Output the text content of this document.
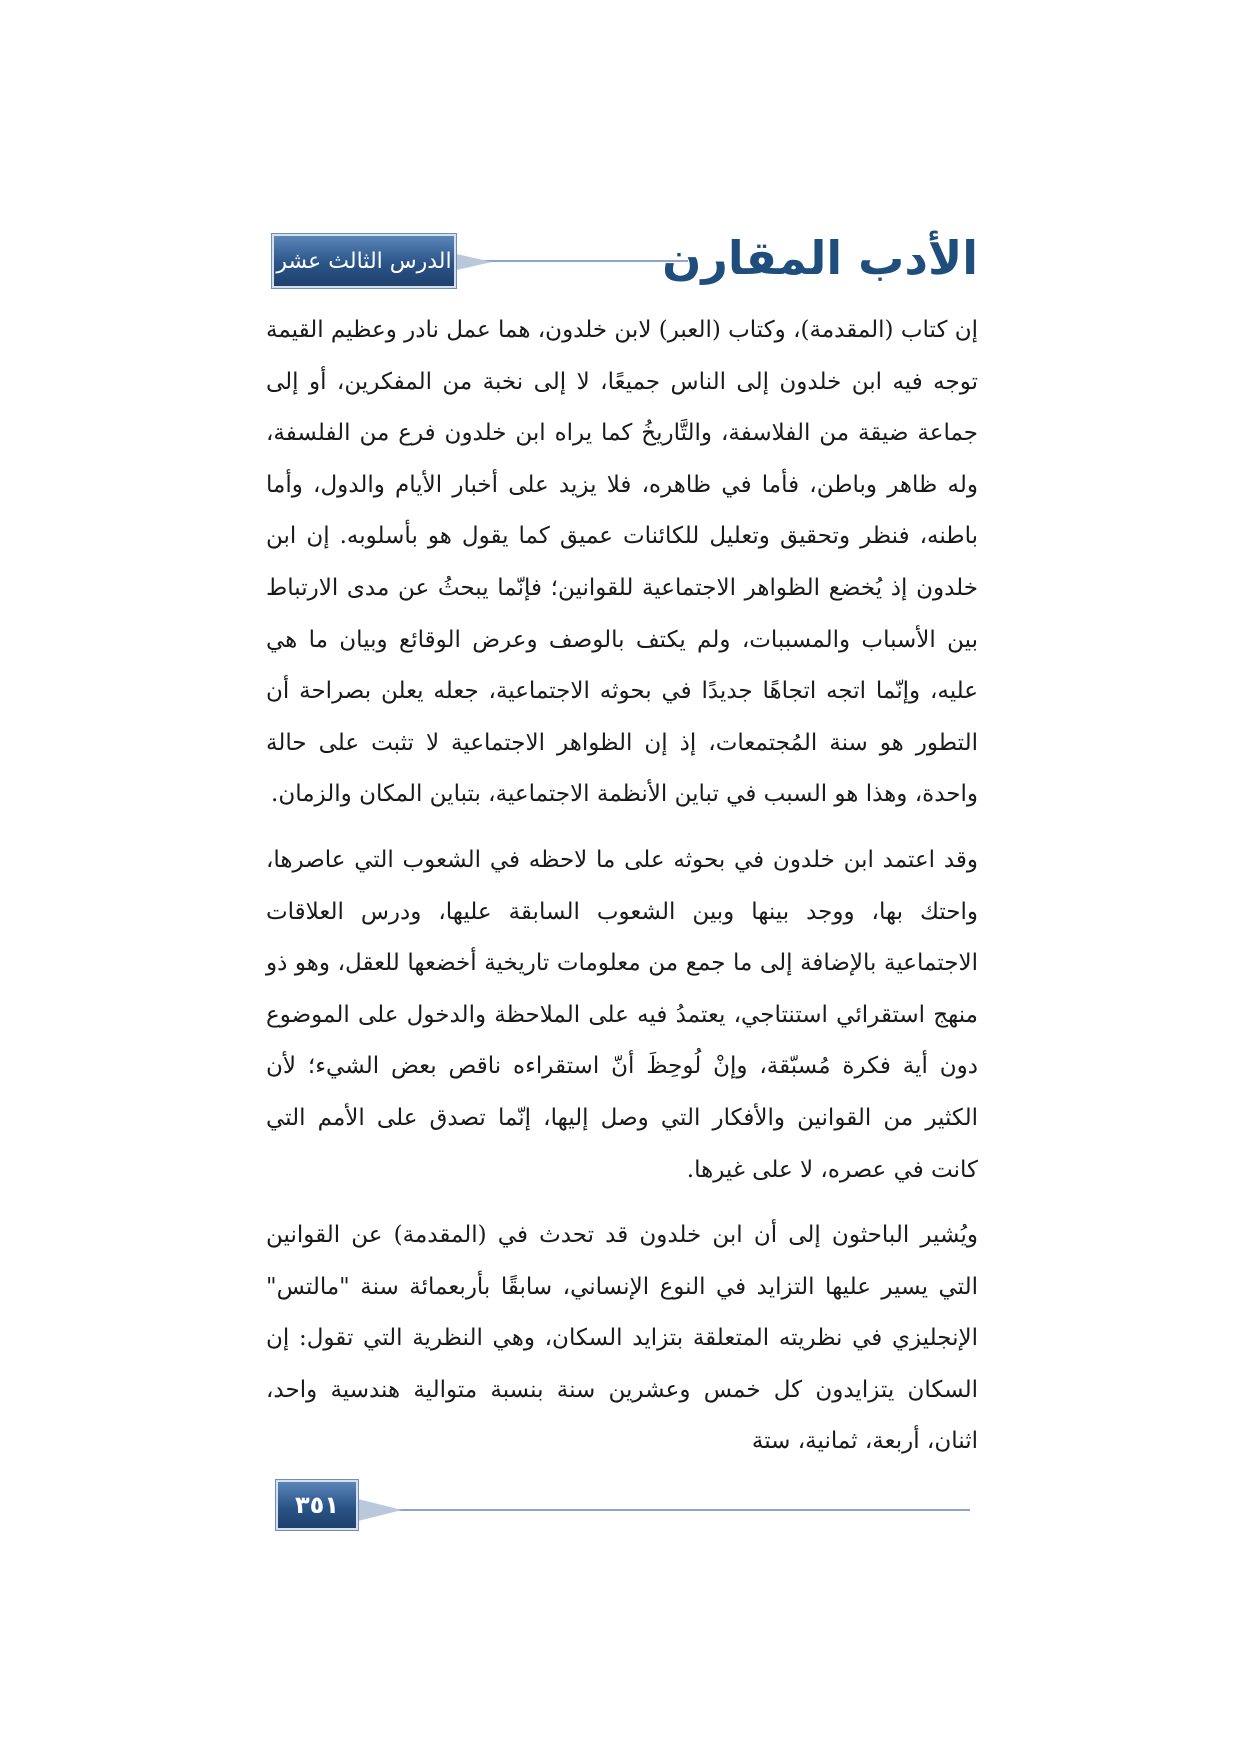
الأدب المقارن
الدرس الثالث عشر

إن كتاب (المقدمة)، وكتاب (العبر) لابن خلدون، هما عمل نادر وعظيم القيمة توجه فيه ابن خلدون إلى الناس جميعًا، لا إلى نخبة من المفكرين، أو إلى جماعة ضيقة من الفلاسفة، والتَّاريخُ كما يراه ابن خلدون فرع من الفلسفة، وله ظاهر وباطن، فأما في ظاهره، فلا يزيد على أخبار الأيام والدول، وأما باطنه، فنظر وتحقيق وتعليل للكائنات عميق كما يقول هو بأسلوبه. إن ابن خلدون إذ يُخضع الظواهر الاجتماعية للقوانين؛ فإنّما يبحثُ عن مدى الارتباط بين الأسباب والمسببات، ولم يكتف بالوصف وعرض الوقائع وبيان ما هي عليه، وإنّما اتجه اتجاهًا جديدًا في بحوثه الاجتماعية، جعله يعلن بصراحة أن التطور هو سنة المُجتمعات، إذ إن الظواهر الاجتماعية لا تثبت على حالة واحدة، وهذا هو السبب في تباين الأنظمة الاجتماعية، بتباين المكان والزمان.

وقد اعتمد ابن خلدون في بحوثه على ما لاحظه في الشعوب التي عاصرها، واحتك بها، ووجد بينها وبين الشعوب السابقة عليها، ودرس العلاقات الاجتماعية بالإضافة إلى ما جمع من معلومات تاريخية أخضعها للعقل، وهو ذو منهج استقرائي استنتاجي، يعتمدُ فيه على الملاحظة والدخول على الموضوع دون أية فكرة مُسبّقة، وإنْ لُوحِظَ أنّ استقراءه ناقص بعض الشيء؛ لأن الكثير من القوانين والأفكار التي وصل إليها، إنّما تصدق على الأمم التي كانت في عصره، لا على غيرها.

ويُشير الباحثون إلى أن ابن خلدون قد تحدث في (المقدمة) عن القوانين التي يسير عليها التزايد في النوع الإنساني، سابقًا بأربعمائة سنة "مالتس" الإنجليزي في نظريته المتعلقة بتزايد السكان، وهي النظرية التي تقول: إن السكان يتزايدون كل خمس وعشرين سنة بنسبة متوالية هندسية واحد، اثنان، أربعة، ثمانية، ستة

٣٥١
